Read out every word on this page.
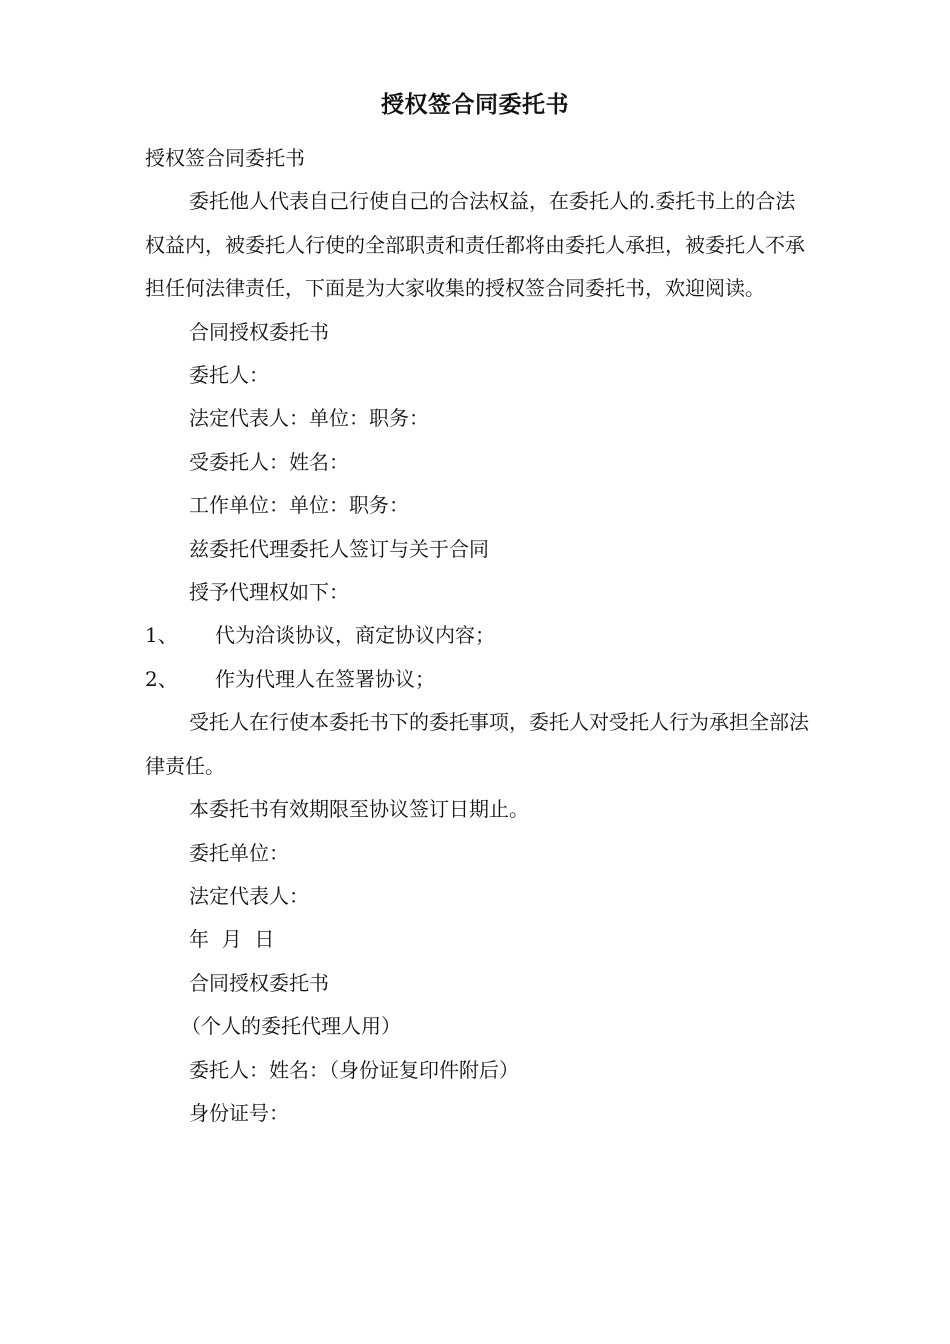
授权签合同委托书

授权签合同委托书

委托他人代表自己行使自己的合法权益，在委托人的.委托书上的合法权益内，被委托人行使的全部职责和责任都将由委托人承担，被委托人不承担任何法律责任，下面是为大家收集的授权签合同委托书，欢迎阅读。

合同授权委托书

委托人：

法定代表人：单位：职务：

受委托人：姓名：

工作单位：单位：职务：

兹委托代理委托人签订与关于合同

授予代理权如下：

1、	代为洽谈协议，商定协议内容；

2、	作为代理人在签署协议；

受托人在行使本委托书下的委托事项，委托人对受托人行为承担全部法律责任。

本委托书有效期限至协议签订日期止。

委托单位：

法定代表人：

年  月  日

合同授权委托书

（个人的委托代理人用）

委托人：姓名：（身份证复印件附后）

身份证号：
